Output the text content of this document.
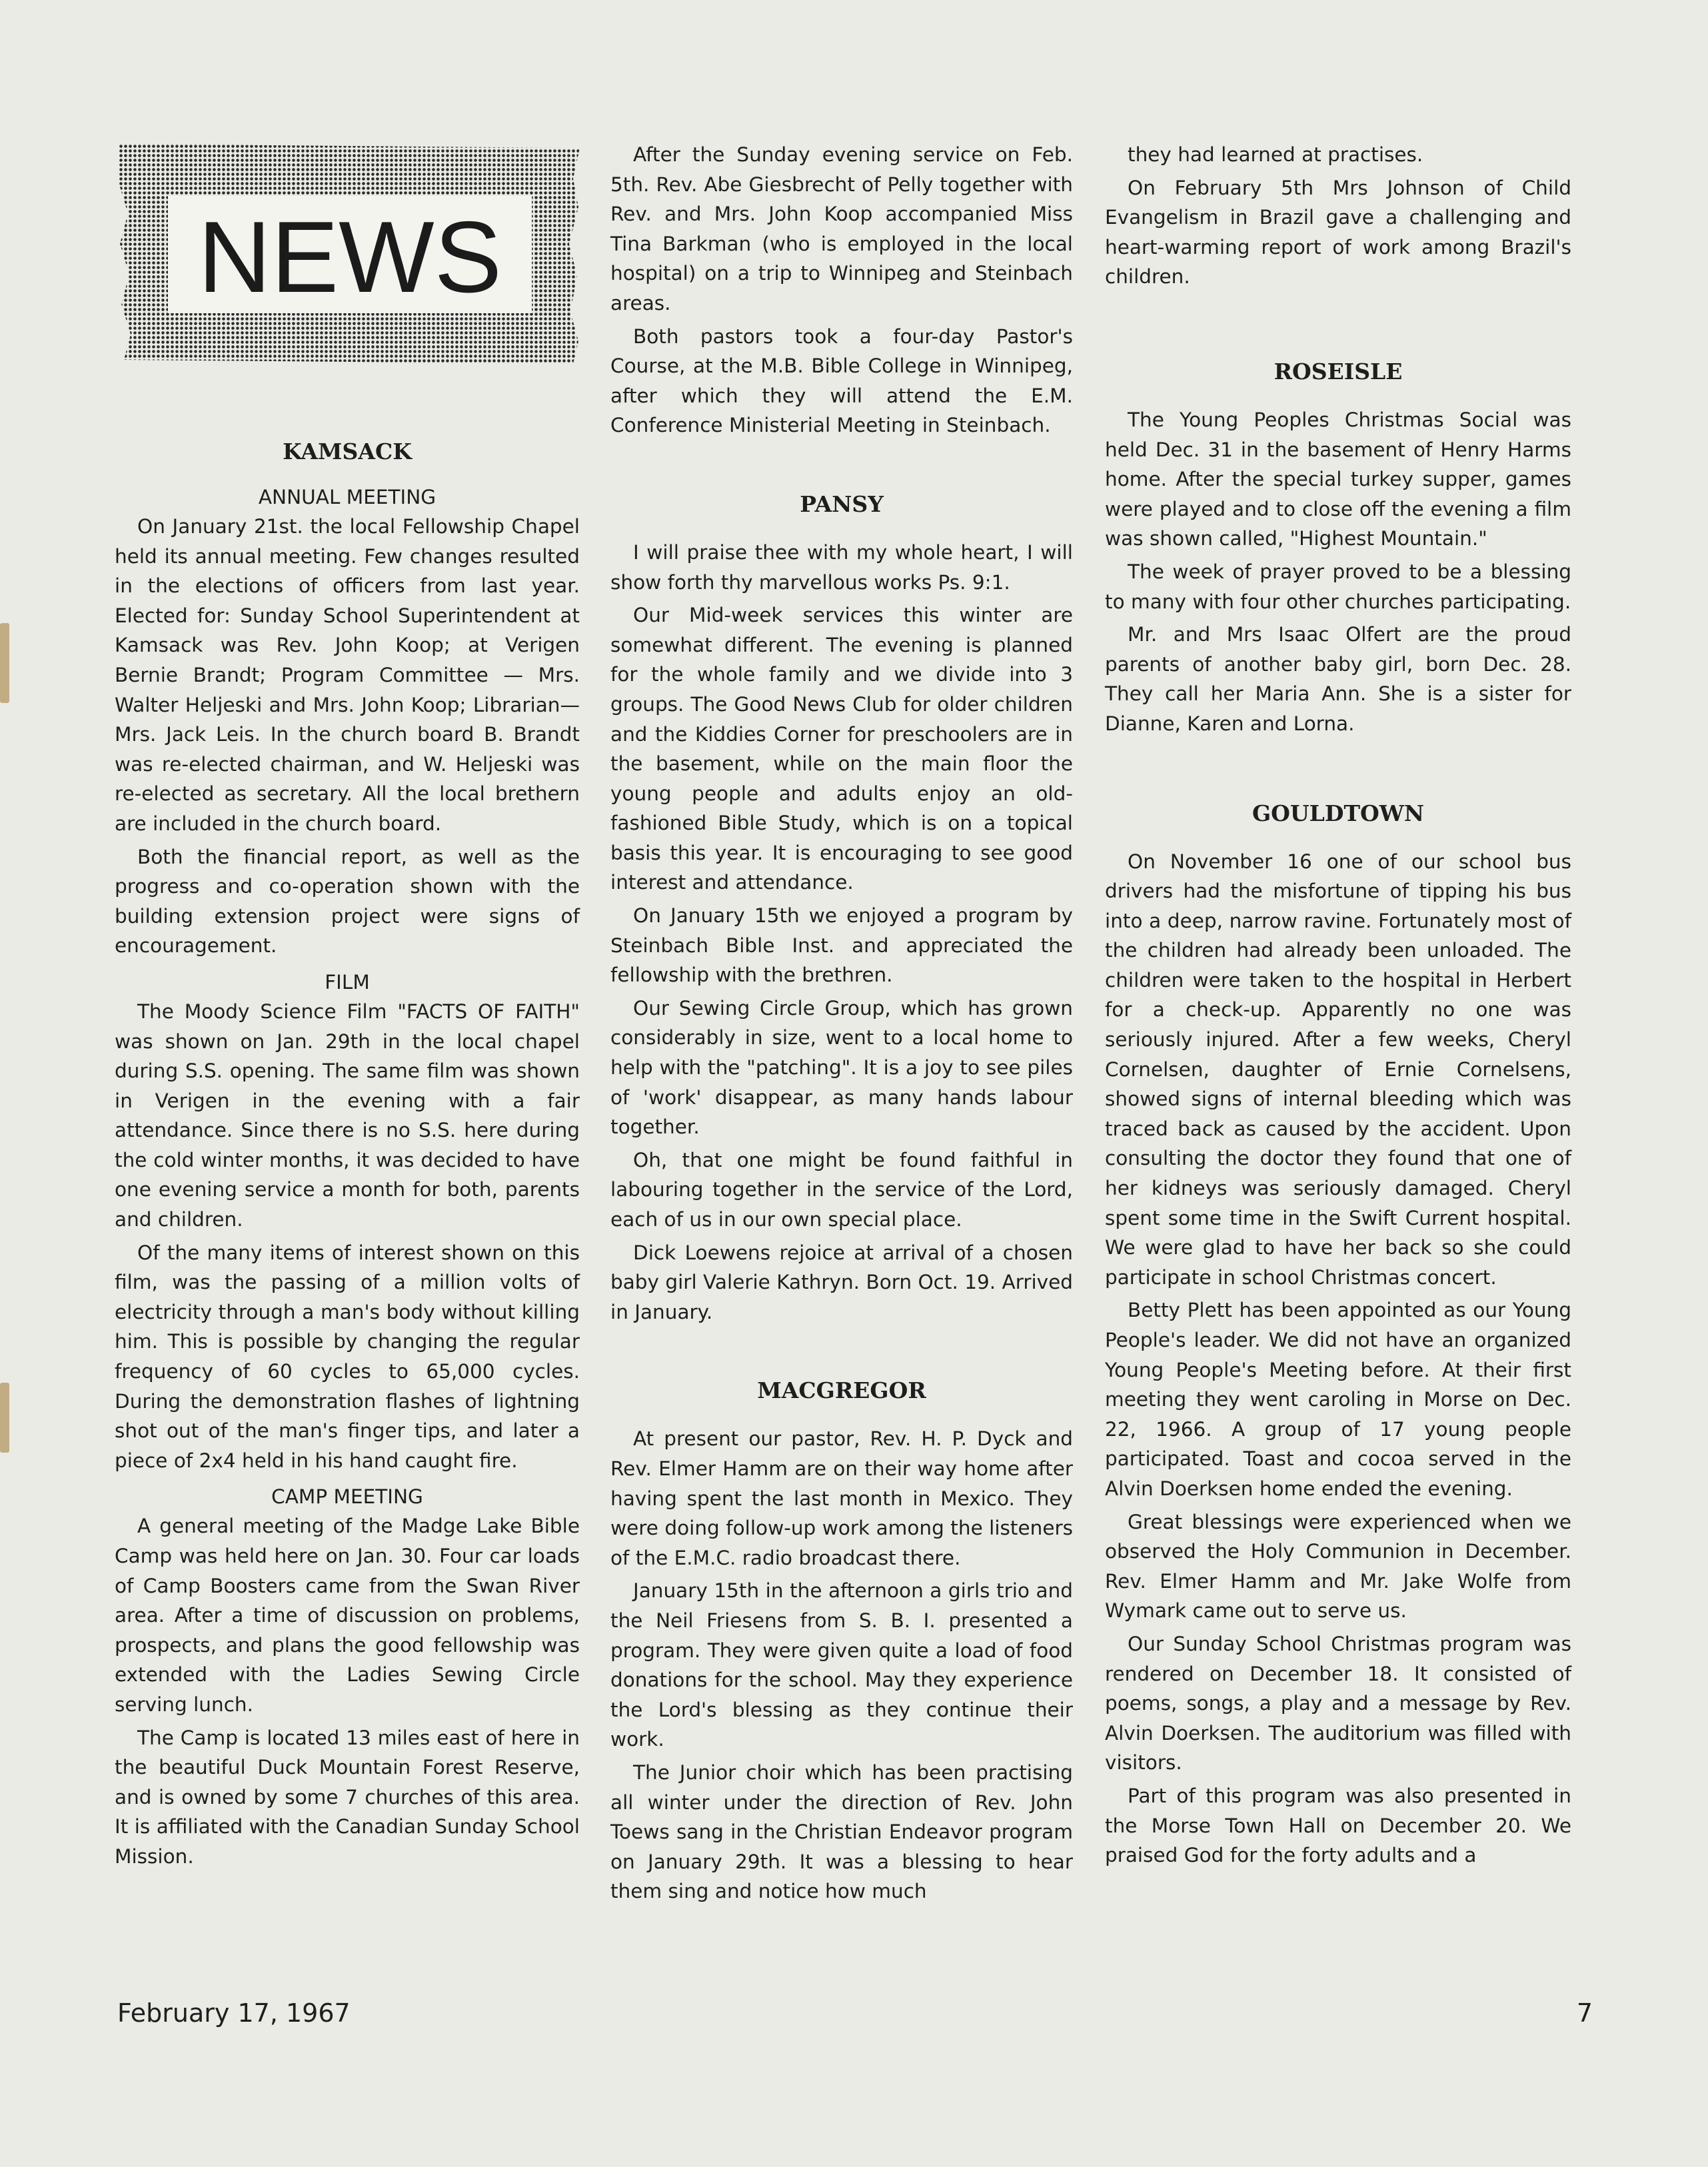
NEWS
KAMSACK
ANNUAL MEETING

On January 21st. the local Fellowship Chapel held its annual meeting. Few changes resulted in the elections of officers from last year. Elected for: Sunday School Superintendent at Kamsack was Rev. John Koop; at Verigen Bernie Brandt; Program Committee — Mrs. Walter Heljeski and Mrs. John Koop; Librarian—Mrs. Jack Leis. In the church board B. Brandt was re-elected chairman, and W. Heljeski was re-elected as secretary. All the local brethern are included in the church board.

Both the financial report, as well as the progress and co-operation shown with the building extension project were signs of encouragement.

FILM

The Moody Science Film "FACTS OF FAITH" was shown on Jan. 29th in the local chapel during S.S. opening. The same film was shown in Verigen in the evening with a fair attendance. Since there is no S.S. here during the cold winter months, it was decided to have one evening service a month for both, parents and children.

Of the many items of interest shown on this film, was the passing of a million volts of electricity through a man's body without killing him. This is possible by changing the regular frequency of 60 cycles to 65,000 cycles. During the demonstration flashes of lightning shot out of the man's finger tips, and later a piece of 2x4 held in his hand caught fire.

CAMP MEETING

A general meeting of the Madge Lake Bible Camp was held here on Jan. 30. Four car loads of Camp Boosters came from the Swan River area. After a time of discussion on problems, prospects, and plans the good fellowship was extended with the Ladies Sewing Circle serving lunch.

The Camp is located 13 miles east of here in the beautiful Duck Mountain Forest Reserve, and is owned by some 7 churches of this area. It is affiliated with the Canadian Sunday School Mission.

After the Sunday evening service on Feb. 5th. Rev. Abe Giesbrecht of Pelly together with Rev. and Mrs. John Koop accompanied Miss Tina Barkman (who is employed in the local hospital) on a trip to Winnipeg and Steinbach areas.

Both pastors took a four-day Pastor's Course, at the M.B. Bible College in Winnipeg, after which they will attend the E.M. Conference Ministerial Meeting in Steinbach.

PANSY

I will praise thee with my whole heart, I will show forth thy marvellous works Ps. 9:1.

Our Mid-week services this winter are somewhat different. The evening is planned for the whole family and we divide into 3 groups. The Good News Club for older children and the Kiddies Corner for preschoolers are in the basement, while on the main floor the young people and adults enjoy an old-fashioned Bible Study, which is on a topical basis this year. It is encouraging to see good interest and attendance.

On January 15th we enjoyed a program by Steinbach Bible Inst. and appreciated the fellowship with the brethren.

Our Sewing Circle Group, which has grown considerably in size, went to a local home to help with the "patching". It is a joy to see piles of 'work' disappear, as many hands labour together.

Oh, that one might be found faithful in labouring together in the service of the Lord, each of us in our own special place.

Dick Loewens rejoice at arrival of a chosen baby girl Valerie Kathryn. Born Oct. 19. Arrived in January.

MACGREGOR

At present our pastor, Rev. H. P. Dyck and Rev. Elmer Hamm are on their way home after having spent the last month in Mexico. They were doing follow-up work among the listeners of the E.M.C. radio broadcast there.

January 15th in the afternoon a girls trio and the Neil Friesens from S. B. I. presented a program. They were given quite a load of food donations for the school. May they experience the Lord's blessing as they continue their work.

The Junior choir which has been practising all winter under the direction of Rev. John Toews sang in the Christian Endeavor program on January 29th. It was a blessing to hear them sing and notice how much

they had learned at practises.

On February 5th Mrs Johnson of Child Evangelism in Brazil gave a challenging and heart-warming report of work among Brazil's children.

ROSEISLE

The Young Peoples Christmas Social was held Dec. 31 in the basement of Henry Harms home. After the special turkey supper, games were played and to close off the evening a film was shown called, "Highest Mountain."

The week of prayer proved to be a blessing to many with four other churches participating.

Mr. and Mrs Isaac Olfert are the proud parents of another baby girl, born Dec. 28. They call her Maria Ann. She is a sister for Dianne, Karen and Lorna.

GOULDTOWN

On November 16 one of our school bus drivers had the misfortune of tipping his bus into a deep, narrow ravine. Fortunately most of the children had already been unloaded. The children were taken to the hospital in Herbert for a check-up. Apparently no one was seriously injured. After a few weeks, Cheryl Cornelsen, daughter of Ernie Cornelsens, showed signs of internal bleeding which was traced back as caused by the accident. Upon consulting the doctor they found that one of her kidneys was seriously damaged. Cheryl spent some time in the Swift Current hospital. We were glad to have her back so she could participate in school Christmas concert.

Betty Plett has been appointed as our Young People's leader. We did not have an organized Young People's Meeting before. At their first meeting they went caroling in Morse on Dec. 22, 1966. A group of 17 young people participated. Toast and cocoa served in the Alvin Doerksen home ended the evening.

Great blessings were experienced when we observed the Holy Communion in December. Rev. Elmer Hamm and Mr. Jake Wolfe from Wymark came out to serve us.

Our Sunday School Christmas program was rendered on December 18. It consisted of poems, songs, a play and a message by Rev. Alvin Doerksen. The auditorium was filled with visitors.

Part of this program was also presented in the Morse Town Hall on December 20. We praised God for the forty adults and a

February 17, 1967	7
